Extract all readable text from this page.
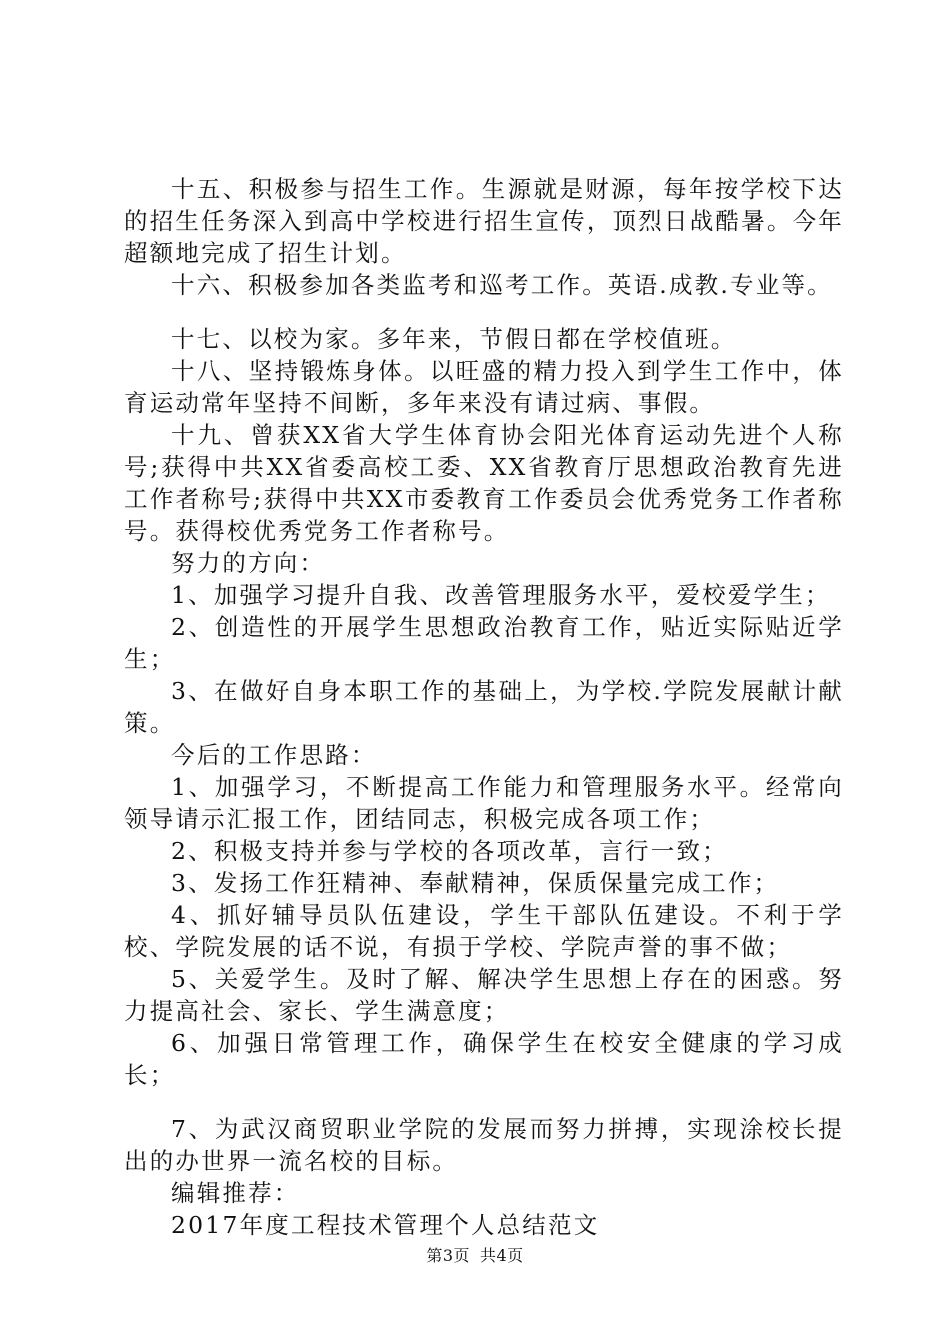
十五、积极参与招生工作。生源就是财源，每年按学校下达的招生任务深入到高中学校进行招生宣传，顶烈日战酷暑。今年超额地完成了招生计划。

十六、积极参加各类监考和巡考工作。英语.成教.专业等。

十七、以校为家。多年来，节假日都在学校值班。

十八、坚持锻炼身体。以旺盛的精力投入到学生工作中，体育运动常年坚持不间断，多年来没有请过病、事假。

十九、曾获XX省大学生体育协会阳光体育运动先进个人称号;获得中共XX省委高校工委、XX省教育厅思想政治教育先进工作者称号;获得中共XX市委教育工作委员会优秀党务工作者称号。获得校优秀党务工作者称号。

努力的方向：

1、加强学习提升自我、改善管理服务水平，爱校爱学生；

2、创造性的开展学生思想政治教育工作，贴近实际贴近学生；

3、在做好自身本职工作的基础上，为学校.学院发展献计献策。

今后的工作思路：

1、加强学习，不断提高工作能力和管理服务水平。经常向领导请示汇报工作，团结同志，积极完成各项工作；

2、积极支持并参与学校的各项改革，言行一致；

3、发扬工作狂精神、奉献精神，保质保量完成工作；

4、抓好辅导员队伍建设，学生干部队伍建设。不利于学校、学院发展的话不说，有损于学校、学院声誉的事不做；

5、关爱学生。及时了解、解决学生思想上存在的困惑。努力提高社会、家长、学生满意度；

6、加强日常管理工作，确保学生在校安全健康的学习成长；

7、为武汉商贸职业学院的发展而努力拼搏，实现涂校长提出的办世界一流名校的目标。

编辑推荐：

2017年度工程技术管理个人总结范文

第3页 共4页
